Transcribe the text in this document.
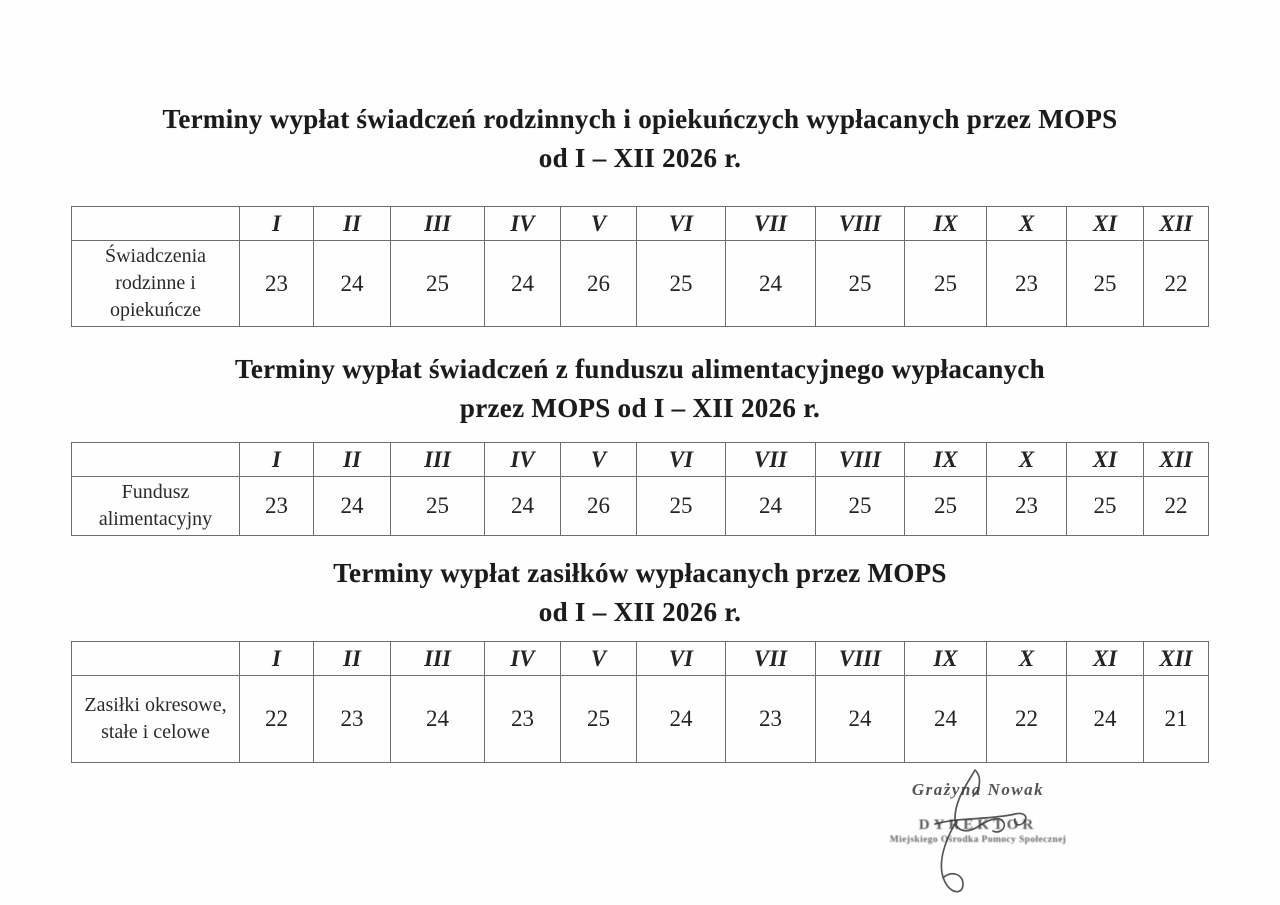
Terminy wypłat świadczeń rodzinnych i opiekuńczych wypłacanych przez MOPS
od I – XII 2026 r.
	I	II	III	IV	V	VI	VII	VIII	IX	X	XI	XII
Świadczenia rodzinne i opiekuńcze	23	24	25	24	26	25	24	25	25	23	25	22
Terminy wypłat świadczeń z funduszu alimentacyjnego wypłacanych
przez MOPS od I – XII 2026 r.
	I	II	III	IV	V	VI	VII	VIII	IX	X	XI	XII
Fundusz alimentacyjny	23	24	25	24	26	25	24	25	25	23	25	22
Terminy wypłat zasiłków wypłacanych przez MOPS
od I – XII 2026 r.
	I	II	III	IV	V	VI	VII	VIII	IX	X	XI	XII
Zasiłki okresowe, stałe i celowe	22	23	24	23	25	24	23	24	24	22	24	21
Grażyna Nowak
DYREKTOR
Miejskiego Ośrodka Pomocy Społecznej
